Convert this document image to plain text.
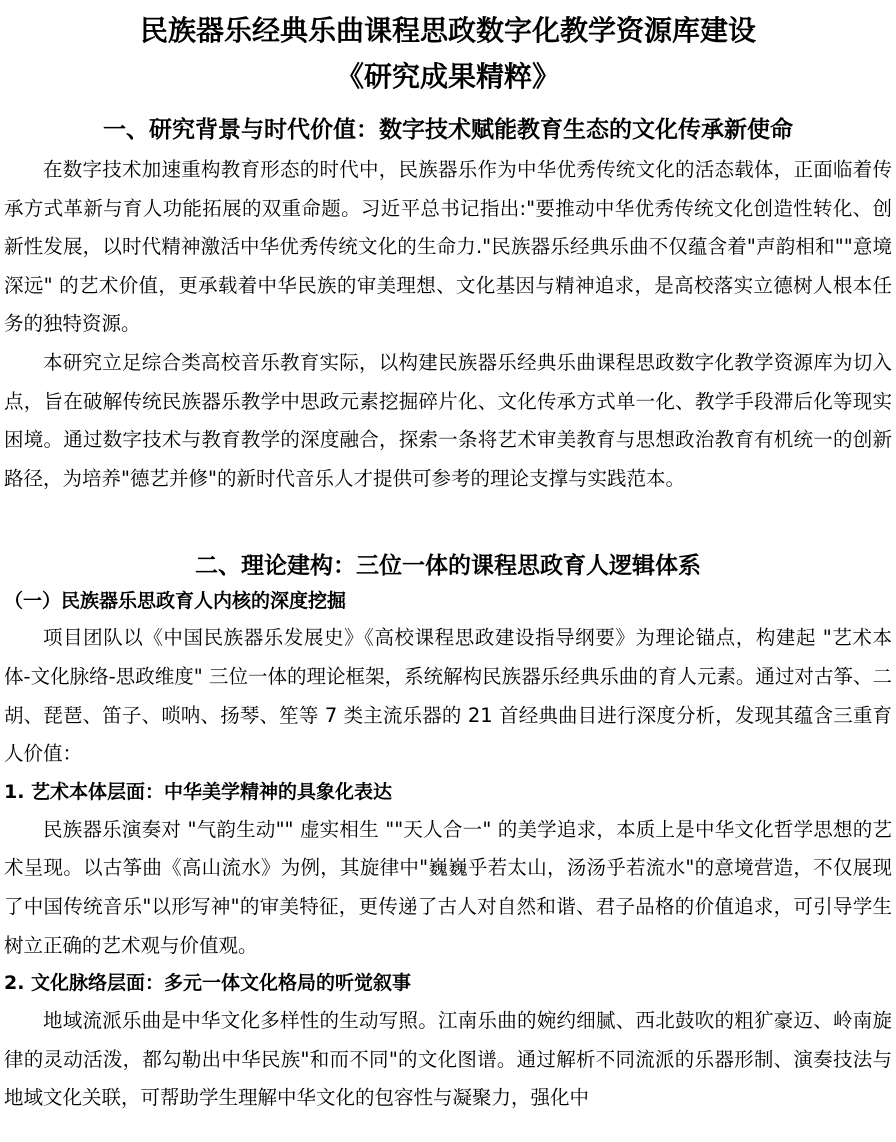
民族器乐经典乐曲课程思政数字化教学资源库建设
《研究成果精粹》
一、研究背景与时代价值：数字技术赋能教育生态的文化传承新使命

在数字技术加速重构教育形态的时代中，民族器乐作为中华优秀传统文化的活态载体，正面临着传承方式革新与育人功能拓展的双重命题。习近平总书记指出:"要推动中华优秀传统文化创造性转化、创新性发展，以时代精神激活中华优秀传统文化的生命力."民族器乐经典乐曲不仅蕴含着"声韵相和""意境深远" 的艺术价值，更承载着中华民族的审美理想、文化基因与精神追求，是高校落实立德树人根本任务的独特资源。

本研究立足综合类高校音乐教育实际，以构建民族器乐经典乐曲课程思政数字化教学资源库为切入点，旨在破解传统民族器乐教学中思政元素挖掘碎片化、文化传承方式单一化、教学手段滞后化等现实困境。通过数字技术与教育教学的深度融合，探索一条将艺术审美教育与思想政治教育有机统一的创新路径，为培养"德艺并修"的新时代音乐人才提供可参考的理论支撑与实践范本。

二、理论建构：三位一体的课程思政育人逻辑体系
（一）民族器乐思政育人内核的深度挖掘

项目团队以《中国民族器乐发展史》《高校课程思政建设指导纲要》为理论锚点，构建起 "艺术本体-文化脉络-思政维度" 三位一体的理论框架，系统解构民族器乐经典乐曲的育人元素。通过对古筝、二胡、琵琶、笛子、唢呐、扬琴、笙等 7 类主流乐器的 21 首经典曲目进行深度分析，发现其蕴含三重育人价值：

1. 艺术本体层面：中华美学精神的具象化表达

民族器乐演奏对 "气韵生动"" 虚实相生 ""天人合一" 的美学追求，本质上是中华文化哲学思想的艺术呈现。以古筝曲《高山流水》为例，其旋律中"巍巍乎若太山，汤汤乎若流水"的意境营造，不仅展现了中国传统音乐"以形写神"的审美特征，更传递了古人对自然和谐、君子品格的价值追求，可引导学生树立正确的艺术观与价值观。

2. 文化脉络层面：多元一体文化格局的听觉叙事

地域流派乐曲是中华文化多样性的生动写照。江南乐曲的婉约细腻、西北鼓吹的粗犷豪迈、岭南旋律的灵动活泼，都勾勒出中华民族"和而不同"的文化图谱。通过解析不同流派的乐器形制、演奏技法与地域文化关联，可帮助学生理解中华文化的包容性与凝聚力，强化中
